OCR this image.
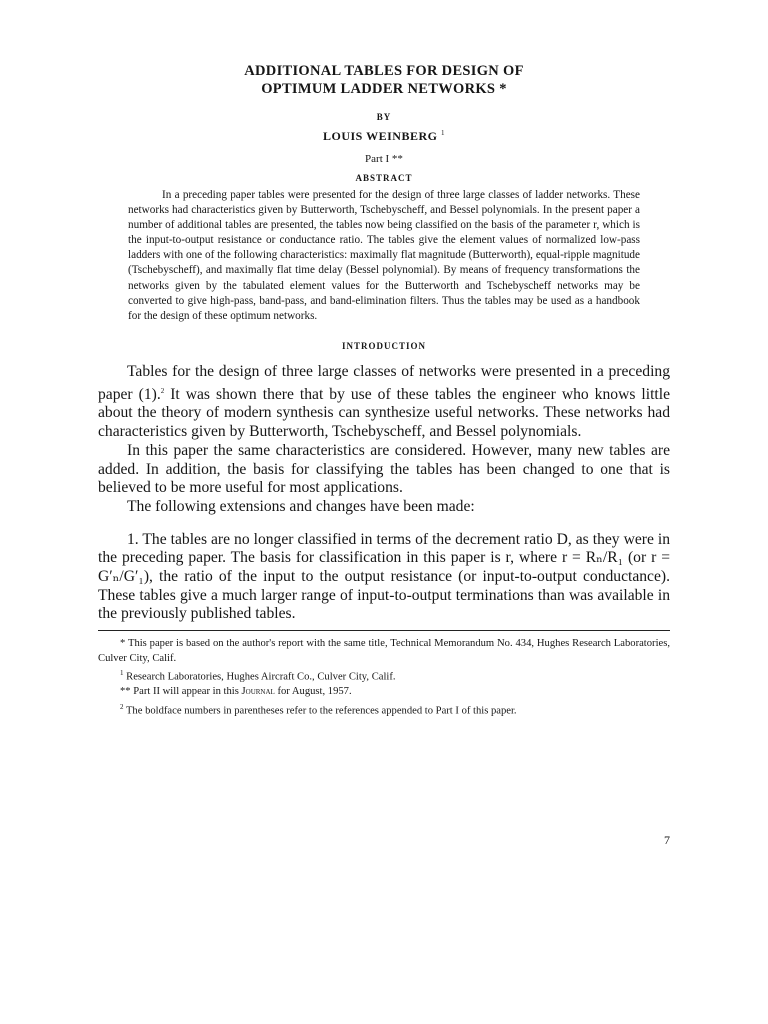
ADDITIONAL TABLES FOR DESIGN OF

OPTIMUM LADDER NETWORKS *

BY
LOUIS WEINBERG $^1$
Part I **
ABSTRACT

In a preceding paper tables were presented for the design of three large classes of ladder networks. These networks had characteristics given by Butterworth, Tschebyscheff, and Bessel polynomials. In the present paper a number of additional tables are presented, the tables now being classified on the basis of the parameter r, which is the input-to-output resistance or conductance ratio. The tables give the element values of normalized low-pass ladders with one of the following characteristics: maximally flat magnitude (Butterworth), equal-ripple magnitude (Tschebyscheff), and maximally flat time delay (Bessel polynomial). By means of frequency transformations the networks given by the tabulated element values for the Butterworth and Tschebyscheff networks may be converted to give high-pass, band-pass, and band-elimination filters. Thus the tables may be used as a handbook for the design of these optimum networks.

INTRODUCTION

Tables for the design of three large classes of networks were presented in a preceding paper (1).$^2$ It was shown there that by use of these tables the engineer who knows little about the theory of modern synthesis can synthesize useful networks. These networks had characteristics given by Butterworth, Tschebyscheff, and Bessel polynomials.

In this paper the same characteristics are considered. However, many new tables are added. In addition, the basis for classifying the tables has been changed to one that is believed to be more useful for most applications.

The following extensions and changes have been made:

1. The tables are no longer classified in terms of the decrement ratio D, as they were in the preceding paper. The basis for classification in this paper is r, where r = Rₙ/R₁ (or r = G′ₙ/G′₁), the ratio of the input to the output resistance (or input-to-output conductance). These tables give a much larger range of input-to-output terminations than was available in the previously published tables.

* This paper is based on the author's report with the same title, Technical Memorandum No. 434, Hughes Research Laboratories, Culver City, Calif.

$^1$ Research Laboratories, Hughes Aircraft Co., Culver City, Calif.

** Part II will appear in this Journal for August, 1957.

$^2$ The boldface numbers in parentheses refer to the references appended to Part I of this paper.

7
